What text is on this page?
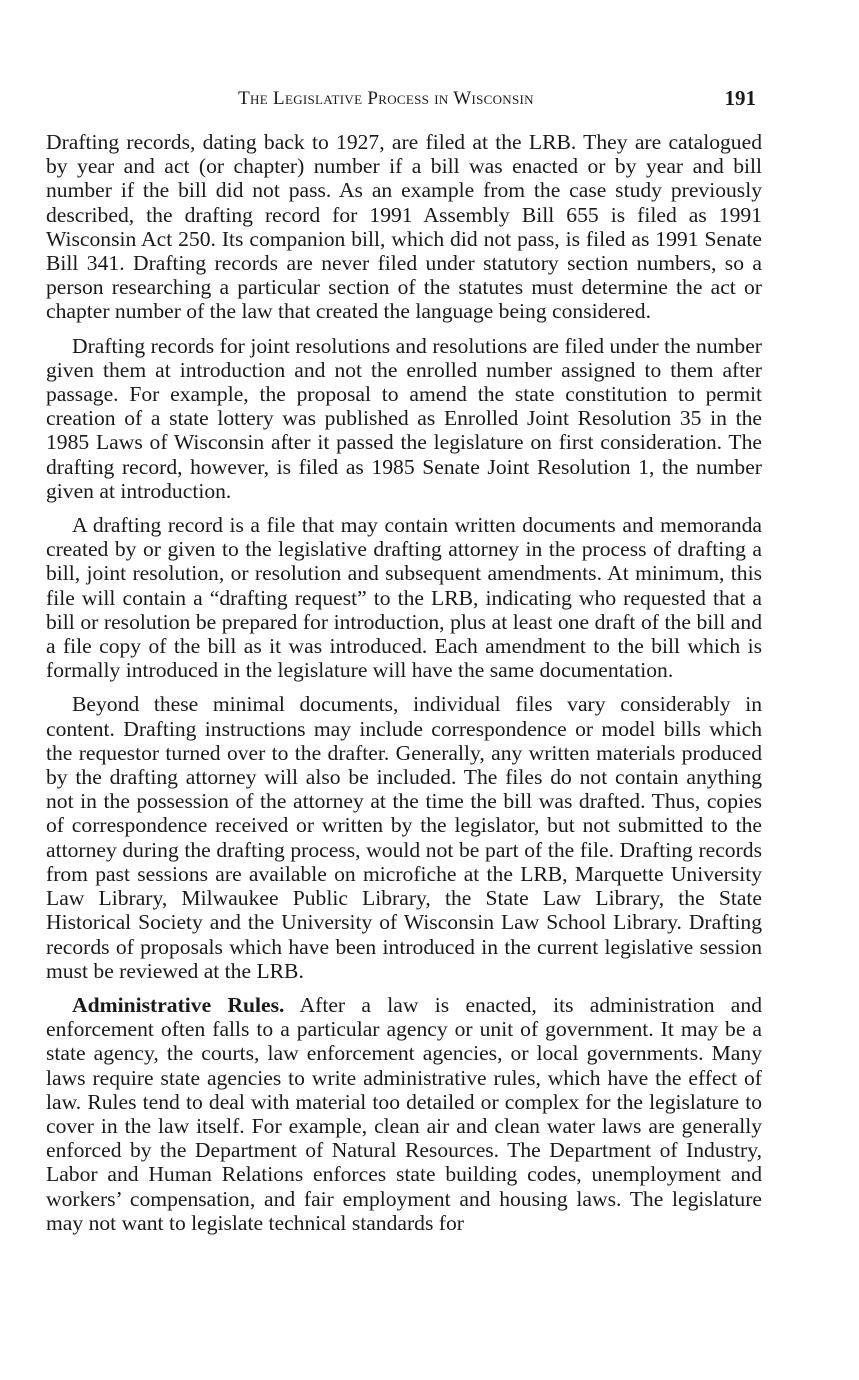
The Legislative Process in Wisconsin	191

Drafting records, dating back to 1927, are filed at the LRB. They are catalogued by year and act (or chapter) number if a bill was enacted or by year and bill number if the bill did not pass. As an example from the case study previously described, the drafting record for 1991 Assembly Bill 655 is filed as 1991 Wisconsin Act 250. Its companion bill, which did not pass, is filed as 1991 Senate Bill 341. Drafting records are never filed under statutory section numbers, so a person researching a particular section of the statutes must determine the act or chapter number of the law that created the language being considered.

Drafting records for joint resolutions and resolutions are filed under the number given them at introduction and not the enrolled number assigned to them after passage. For example, the proposal to amend the state constitution to permit creation of a state lottery was published as Enrolled Joint Resolution 35 in the 1985 Laws of Wisconsin after it passed the legislature on first consideration. The drafting record, however, is filed as 1985 Senate Joint Resolution 1, the number given at introduction.

A drafting record is a file that may contain written documents and memoranda created by or given to the legislative drafting attorney in the process of drafting a bill, joint resolution, or resolution and subsequent amendments. At minimum, this file will contain a “drafting request” to the LRB, indicating who requested that a bill or resolution be prepared for introduction, plus at least one draft of the bill and a file copy of the bill as it was introduced. Each amendment to the bill which is formally introduced in the legislature will have the same documentation.

Beyond these minimal documents, individual files vary considerably in content. Drafting instructions may include correspondence or model bills which the requestor turned over to the drafter. Generally, any written materials produced by the drafting attorney will also be included. The files do not contain anything not in the possession of the attorney at the time the bill was drafted. Thus, copies of correspondence received or written by the legislator, but not submitted to the attorney during the drafting process, would not be part of the file. Drafting records from past sessions are available on microfiche at the LRB, Marquette University Law Library, Milwaukee Public Library, the State Law Library, the State Historical Society and the University of Wisconsin Law School Library. Drafting records of proposals which have been introduced in the current legislative session must be reviewed at the LRB.

Administrative Rules. After a law is enacted, its administration and enforcement often falls to a particular agency or unit of government. It may be a state agency, the courts, law enforcement agencies, or local governments. Many laws require state agencies to write administrative rules, which have the effect of law. Rules tend to deal with material too detailed or complex for the legislature to cover in the law itself. For example, clean air and clean water laws are generally enforced by the Department of Natural Resources. The Department of Industry, Labor and Human Relations enforces state building codes, unemployment and workers’ compensation, and fair employment and housing laws. The legislature may not want to legislate technical standards for
